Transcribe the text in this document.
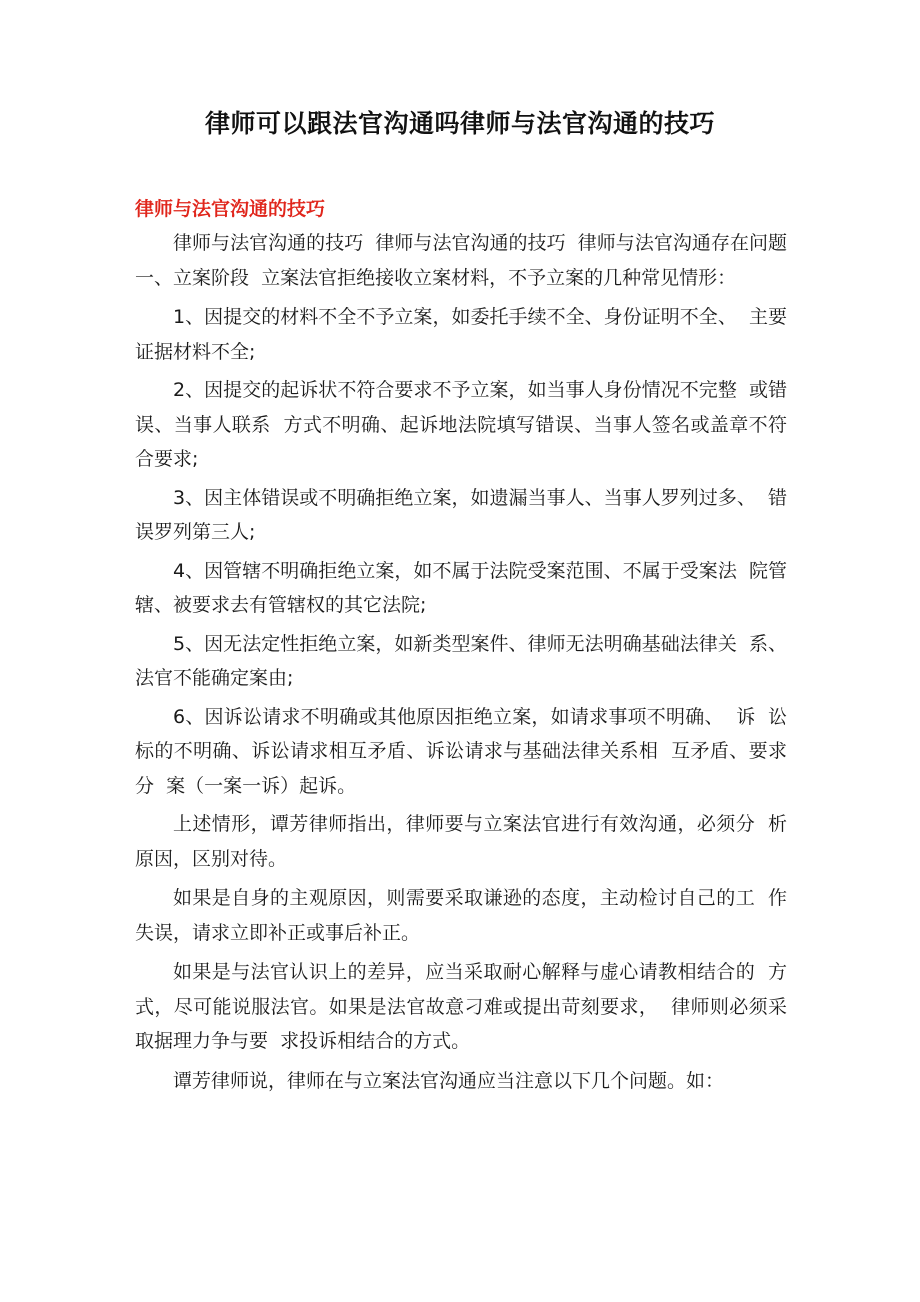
律师可以跟法官沟通吗律师与法官沟通的技巧
律师与法官沟通的技巧

律师与法官沟通的技巧  律师与法官沟通的技巧  律师与法官沟通存在问题一、立案阶段  立案法官拒绝接收立案材料，不予立案的几种常见情形：

1、因提交的材料不全不予立案，如委托手续不全、身份证明不全、  主要证据材料不全;

2、因提交的起诉状不符合要求不予立案，如当事人身份情况不完整  或错误、当事人联系  方式不明确、起诉地法院填写错误、当事人签名或盖章不符合要求;

3、因主体错误或不明确拒绝立案，如遗漏当事人、当事人罗列过多、  错误罗列第三人;

4、因管辖不明确拒绝立案，如不属于法院受案范围、不属于受案法  院管辖、被要求去有管辖权的其它法院;

5、因无法定性拒绝立案，如新类型案件、律师无法明确基础法律关  系、法官不能确定案由;

6、因诉讼请求不明确或其他原因拒绝立案，如请求事项不明确、  诉  讼标的不明确、诉讼请求相互矛盾、诉讼请求与基础法律关系相  互矛盾、要求分  案（一案一诉）起诉。

上述情形，谭芳律师指出，律师要与立案法官进行有效沟通，必须分  析原因，区别对待。

如果是自身的主观原因，则需要采取谦逊的态度，主动检讨自己的工  作失误，请求立即补正或事后补正。

如果是与法官认识上的差异，应当采取耐心解释与虚心请教相结合的  方式，尽可能说服法官。如果是法官故意刁难或提出苛刻要求，  律师则必须采取据理力争与要  求投诉相结合的方式。

谭芳律师说，律师在与立案法官沟通应当注意以下几个问题。如：
